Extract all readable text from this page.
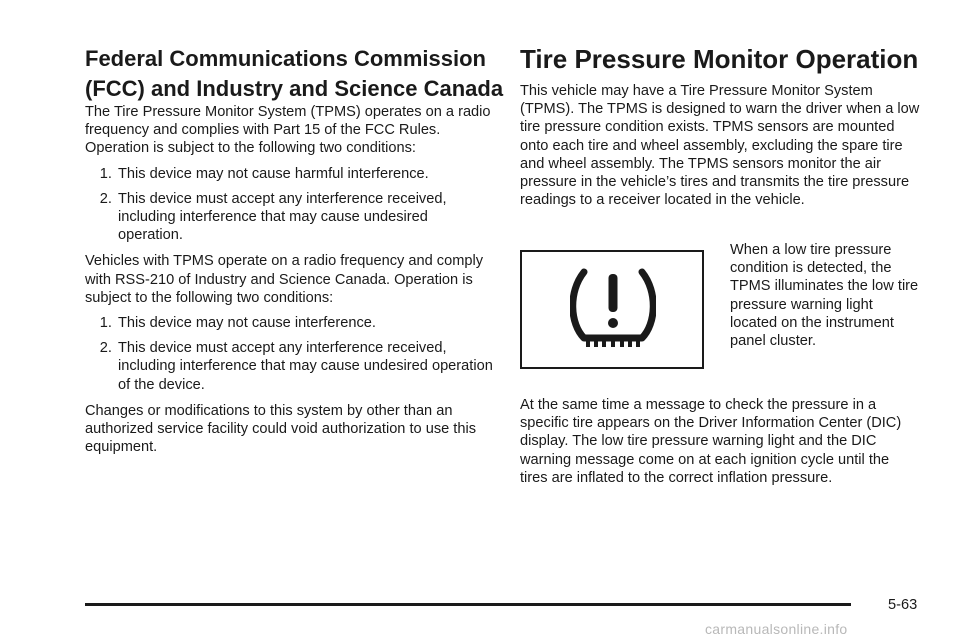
Federal Communications Commission (FCC) and Industry and Science Canada

The Tire Pressure Monitor System (TPMS) operates on a radio frequency and complies with Part 15 of the FCC Rules. Operation is subject to the following two conditions:

1. This device may not cause harmful interference.
2. This device must accept any interference received, including interference that may cause undesired operation.

Vehicles with TPMS operate on a radio frequency and comply with RSS-210 of Industry and Science Canada. Operation is subject to the following two conditions:

1. This device may not cause interference.
2. This device must accept any interference received, including interference that may cause undesired operation of the device.

Changes or modifications to this system by other than an authorized service facility could void authorization to use this equipment.

Tire Pressure Monitor Operation

This vehicle may have a Tire Pressure Monitor System (TPMS). The TPMS is designed to warn the driver when a low tire pressure condition exists. TPMS sensors are mounted onto each tire and wheel assembly, excluding the spare tire and wheel assembly. The TPMS sensors monitor the air pressure in the vehicle’s tires and transmits the tire pressure readings to a receiver located in the vehicle.

When a low tire pressure condition is detected, the TPMS illuminates the low tire pressure warning light located on the instrument panel cluster.

At the same time a message to check the pressure in a specific tire appears on the Driver Information Center (DIC) display. The low tire pressure warning light and the DIC warning message come on at each ignition cycle until the tires are inflated to the correct inflation pressure.

5-63
carmanualsonline.info
